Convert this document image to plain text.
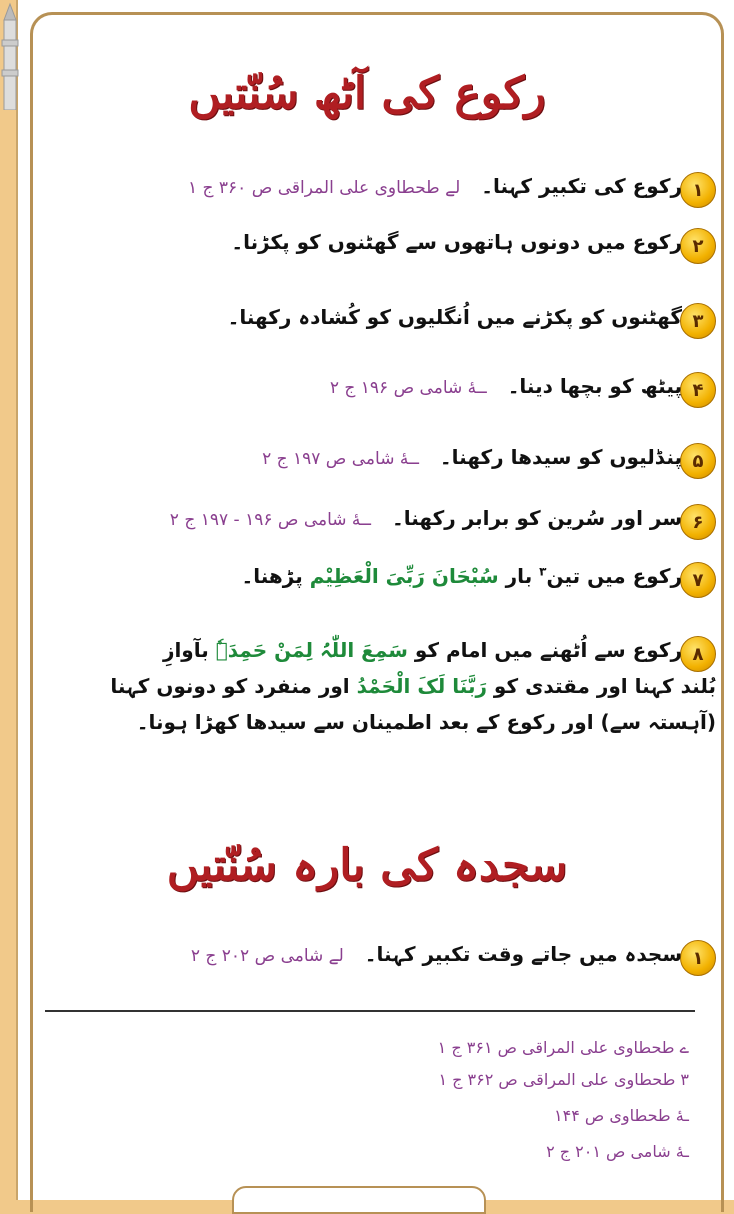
رکوع کی آٹھ سُنّتیں
۱
رکوع کی تکبیر کہنا۔ لے طحطاوی علی المراقی ص ۳۶۰ ج ۱
۲
رکوع میں دونوں ہاتھوں سے گھٹنوں کو پکڑنا۔
۳
گھٹنوں کو پکڑنے میں اُنگلیوں کو کُشادہ رکھنا۔
۴
پیٹھ کو بچھا دینا۔ ــهٔ شامی ص ۱۹۶ ج ۲
۵
پنڈلیوں کو سیدھا رکھنا۔ ــهٔ شامی ص ۱۹۷ ج ۲
۶
سر اور سُرین کو برابر رکھنا۔ ــهٔ شامی ص ۱۹۶ - ۱۹۷ ج ۲
۷
رکوع میں تین$^۳$ بار سُبْحَانَ رَبِّیَ الْعَظِیْم پڑھنا۔
۸
رکوع سے اُٹھنے میں امام کو سَمِعَ اللّٰہُ لِمَنْ حَمِدَہٗ بآوازِ
بُلند کہنا اور مقتدی کو رَبَّنَا لَکَ الْحَمْدُ اور منفرد کو دونوں کہنا
(آہستہ سے) اور رکوع کے بعد اطمینان سے سیدھا کھڑا ہونا۔
سجدہ کی بارہ سُنّتیں
۱
سجدہ میں جاتے وقت تکبیر کہنا۔ لے شامی ص ۲۰۲ ج ۲
ے طحطاوی علی المراقی ص ۳۶۱ ج ۱
۳ طحطاوی علی المراقی ص ۳۶۲ ج ۱
ـهٔ طحطاوی ص ۱۴۴
ـهٔ شامی ص ۲۰۱ ج ۲
